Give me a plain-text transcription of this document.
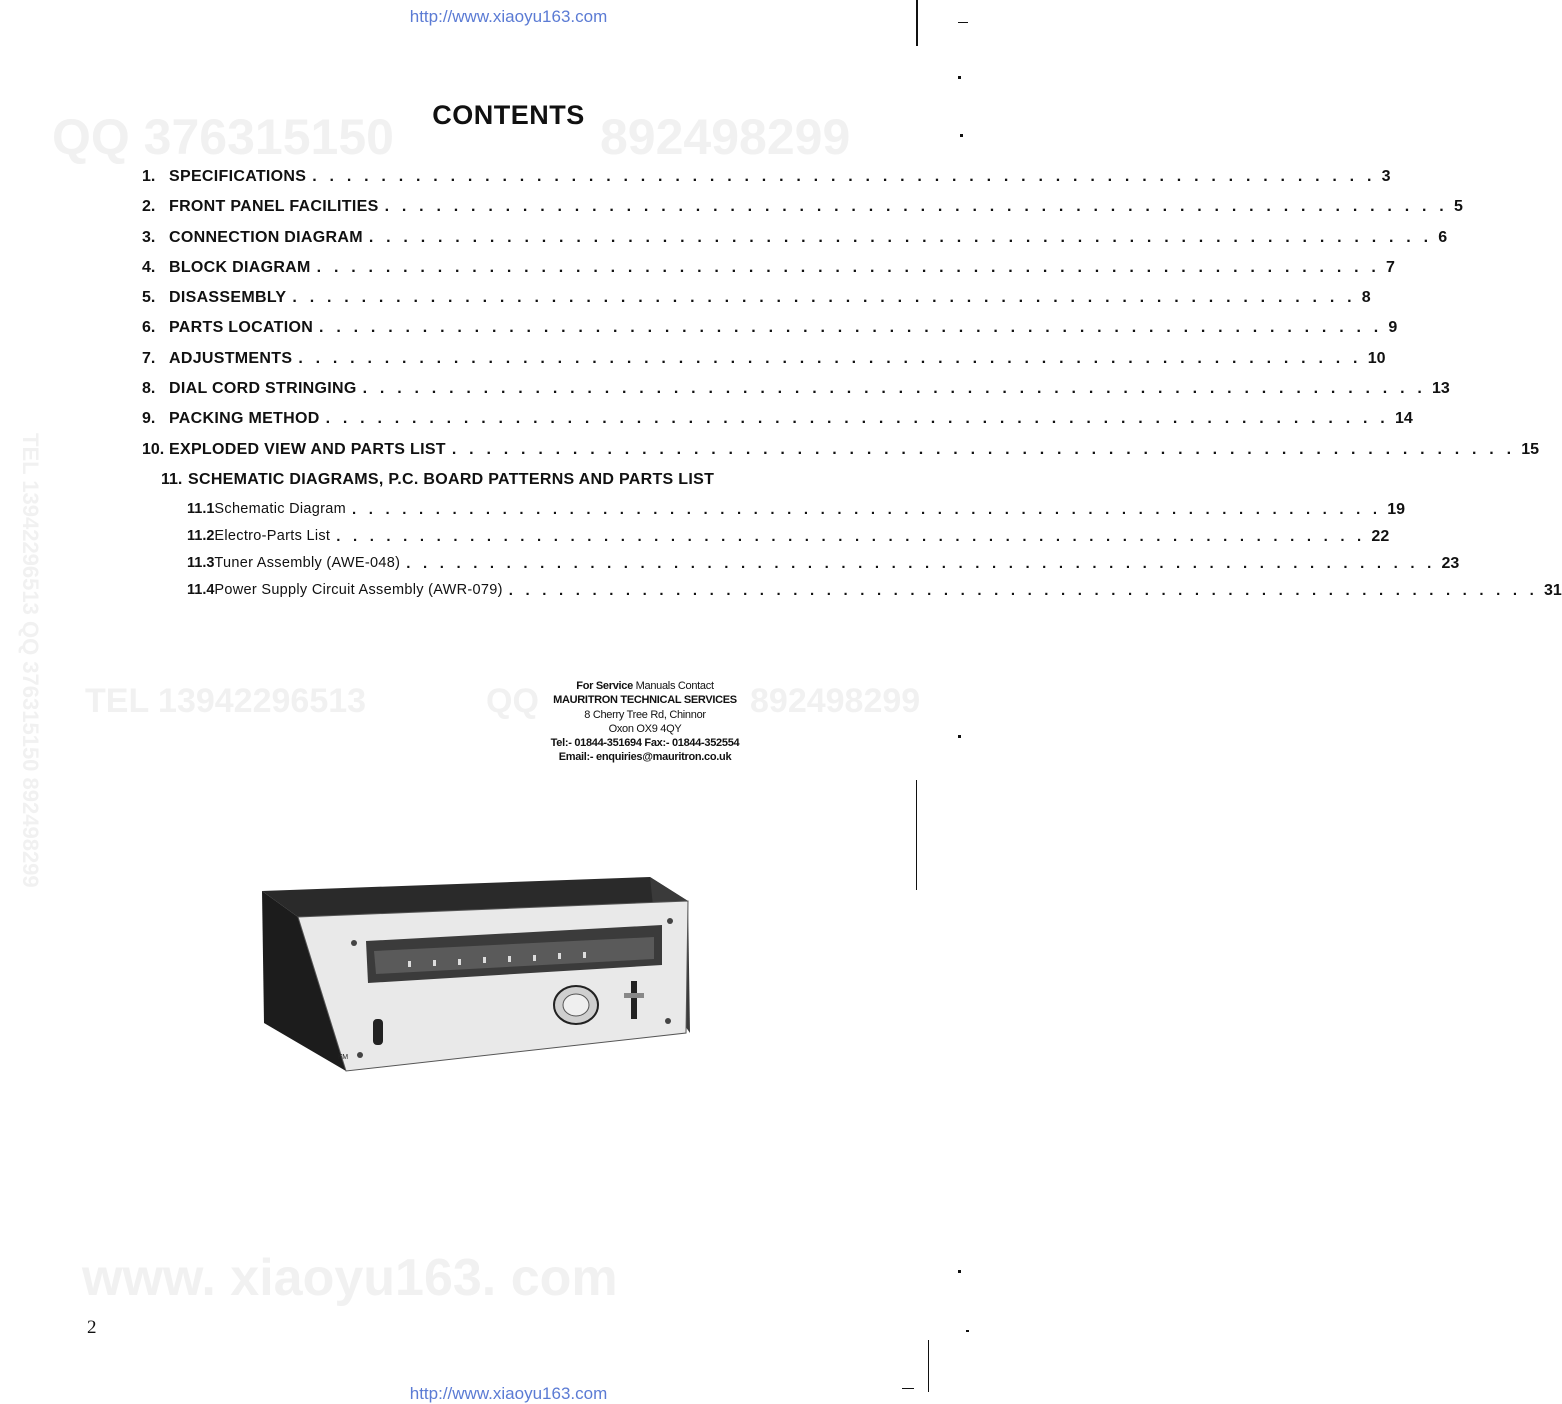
http://www.xiaoyu163.com
QQ 376315150	892498299
TEL 13942296513	QQ	892498299
www. xiaoyu163. com
TEL 13942296513 QQ 376315150 892498299
CONTENTS
1. SPECIFICATIONS . . . . . . . . . . . . . . . . . . . . . . . . . . . . . . . . . . . . . . . . . . . . . . . . . . . . . . . . . . . . . . 3
2. FRONT PANEL FACILITIES . . . . . . . . . . . . . . . . . . . . . . . . . . . . . . . . . . . . . . . . . . . . . . . . . . . . . . . . . . . . . . 5
3. CONNECTION DIAGRAM . . . . . . . . . . . . . . . . . . . . . . . . . . . . . . . . . . . . . . . . . . . . . . . . . . . . . . . . . . . . . . 6
4. BLOCK DIAGRAM . . . . . . . . . . . . . . . . . . . . . . . . . . . . . . . . . . . . . . . . . . . . . . . . . . . . . . . . . . . . . . 7
5. DISASSEMBLY . . . . . . . . . . . . . . . . . . . . . . . . . . . . . . . . . . . . . . . . . . . . . . . . . . . . . . . . . . . . . . 8
6. PARTS LOCATION . . . . . . . . . . . . . . . . . . . . . . . . . . . . . . . . . . . . . . . . . . . . . . . . . . . . . . . . . . . . . . 9
7. ADJUSTMENTS . . . . . . . . . . . . . . . . . . . . . . . . . . . . . . . . . . . . . . . . . . . . . . . . . . . . . . . . . . . . . . 10
8. DIAL CORD STRINGING . . . . . . . . . . . . . . . . . . . . . . . . . . . . . . . . . . . . . . . . . . . . . . . . . . . . . . . . . . . . . . 13
9. PACKING METHOD . . . . . . . . . . . . . . . . . . . . . . . . . . . . . . . . . . . . . . . . . . . . . . . . . . . . . . . . . . . . . . 14
10. EXPLODED VIEW AND PARTS LIST . . . . . . . . . . . . . . . . . . . . . . . . . . . . . . . . . . . . . . . . . . . . . . . . . . . . . . . . . . . . . . 15
11. SCHEMATIC DIAGRAMS, P.C. BOARD PATTERNS AND PARTS LIST
11.1 Schematic Diagram . . . . . . . . . . . . . . . . . . . . . . . . . . . . . . . . . . . . . . . . . . . . . . . . . . . . . . . . . . . . . . 19
11.2 Electro-Parts List . . . . . . . . . . . . . . . . . . . . . . . . . . . . . . . . . . . . . . . . . . . . . . . . . . . . . . . . . . . . . . 22
11.3 Tuner Assembly (AWE-048) . . . . . . . . . . . . . . . . . . . . . . . . . . . . . . . . . . . . . . . . . . . . . . . . . . . . . . . . . . . . . . 23
11.4 Power Supply Circuit Assembly (AWR-079) . . . . . . . . . . . . . . . . . . . . . . . . . . . . . . . . . . . . . . . . . . . . . . . . . . . . . . . . . . . . . . 31
For Service Manuals Contact
MAURITRON TECHNICAL SERVICES
8 Cherry Tree Rd, Chinnor
Oxon OX9 4QY
Tel:- 01844-351694 Fax:- 01844-352554
Email:- enquiries@mauritron.co.uk
FM
2
http://www.xiaoyu163.com
